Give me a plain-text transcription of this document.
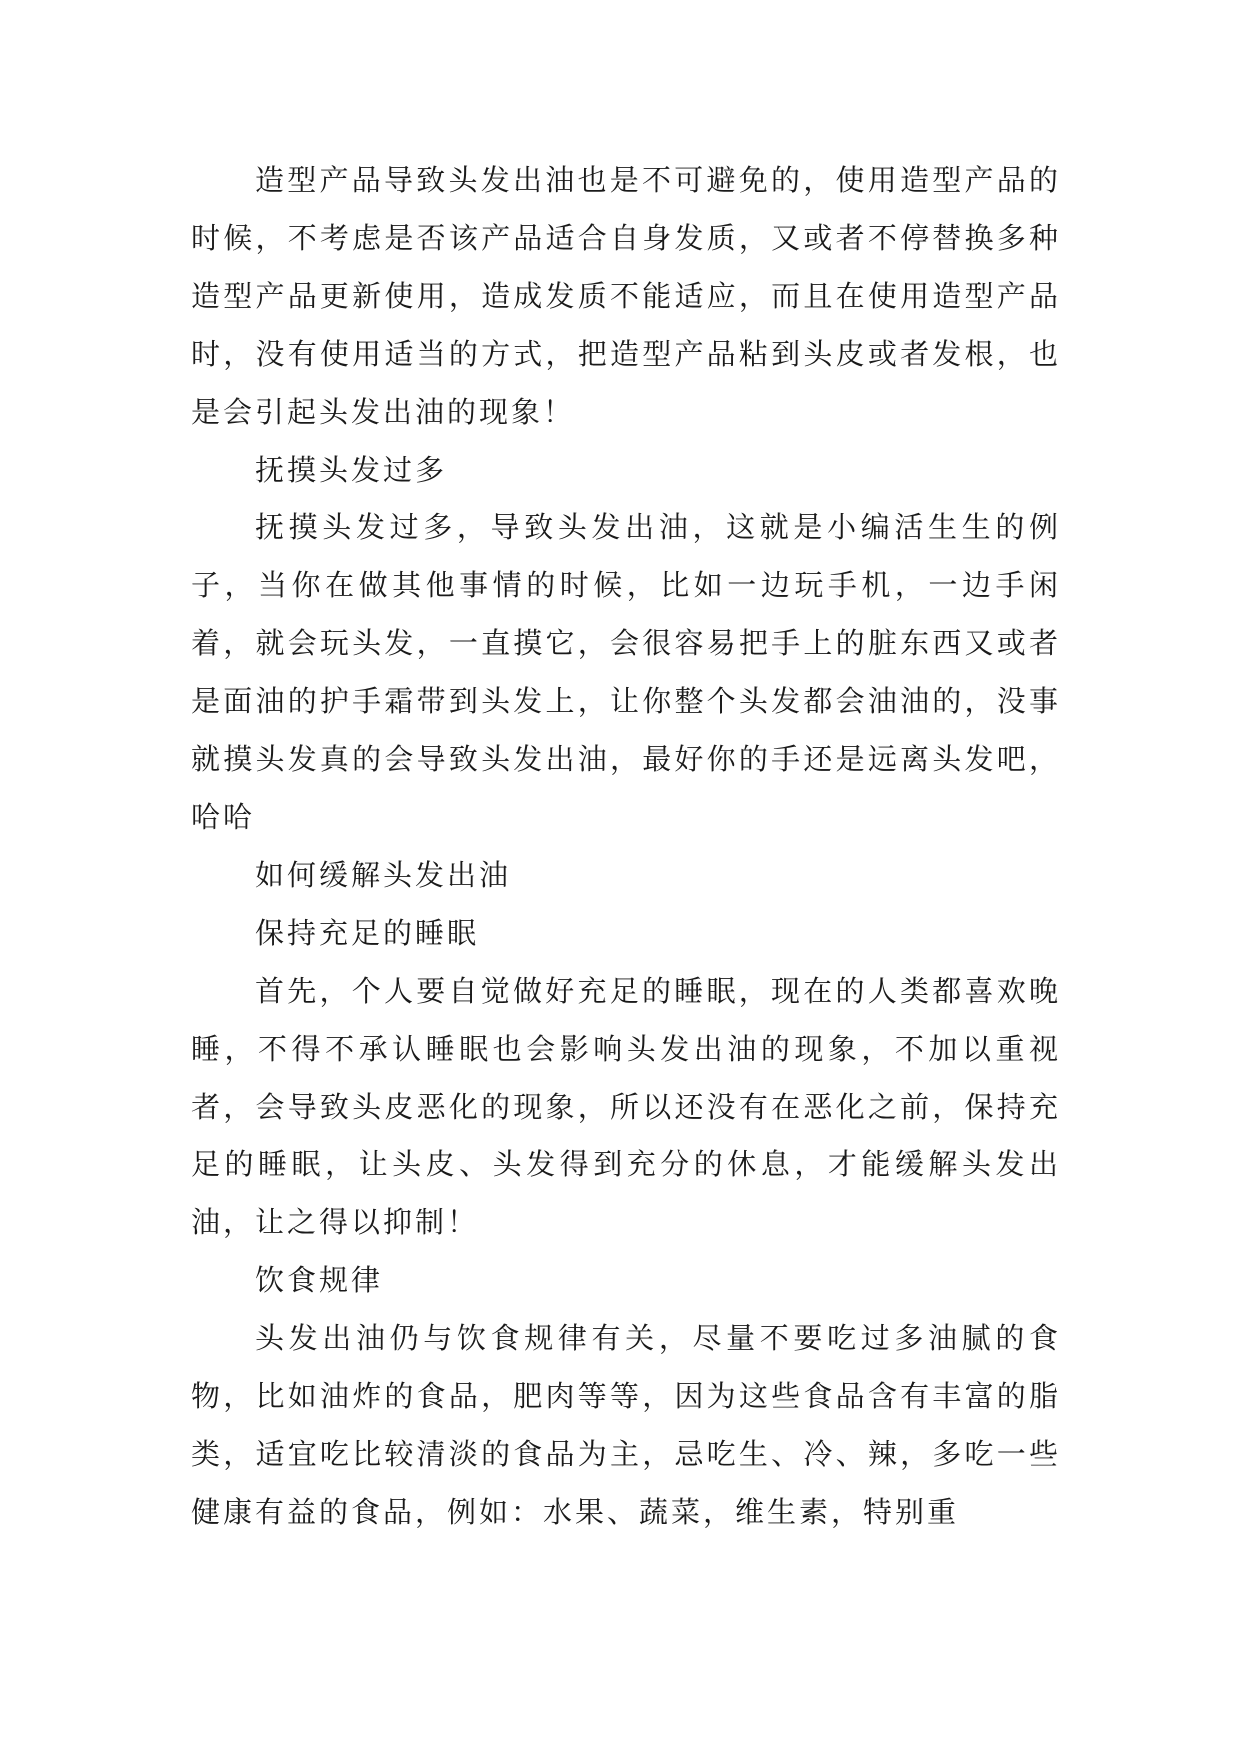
造型产品导致头发出油也是不可避免的，使用造型产品的时候，不考虑是否该产品适合自身发质，又或者不停替换多种造型产品更新使用，造成发质不能适应，而且在使用造型产品时，没有使用适当的方式，把造型产品粘到头皮或者发根，也是会引起头发出油的现象！

抚摸头发过多

抚摸头发过多，导致头发出油，这就是小编活生生的例子，当你在做其他事情的时候，比如一边玩手机，一边手闲着，就会玩头发，一直摸它，会很容易把手上的脏东西又或者是面油的护手霜带到头发上，让你整个头发都会油油的，没事就摸头发真的会导致头发出油，最好你的手还是远离头发吧，哈哈

如何缓解头发出油

保持充足的睡眠

首先，个人要自觉做好充足的睡眠，现在的人类都喜欢晚睡，不得不承认睡眠也会影响头发出油的现象，不加以重视者，会导致头皮恶化的现象，所以还没有在恶化之前，保持充足的睡眠，让头皮、头发得到充分的休息，才能缓解头发出油，让之得以抑制！

饮食规律

头发出油仍与饮食规律有关，尽量不要吃过多油腻的食物，比如油炸的食品，肥肉等等，因为这些食品含有丰富的脂类，适宜吃比较清淡的食品为主，忌吃生、冷、辣，多吃一些健康有益的食品，例如：水果、蔬菜，维生素，特别重
